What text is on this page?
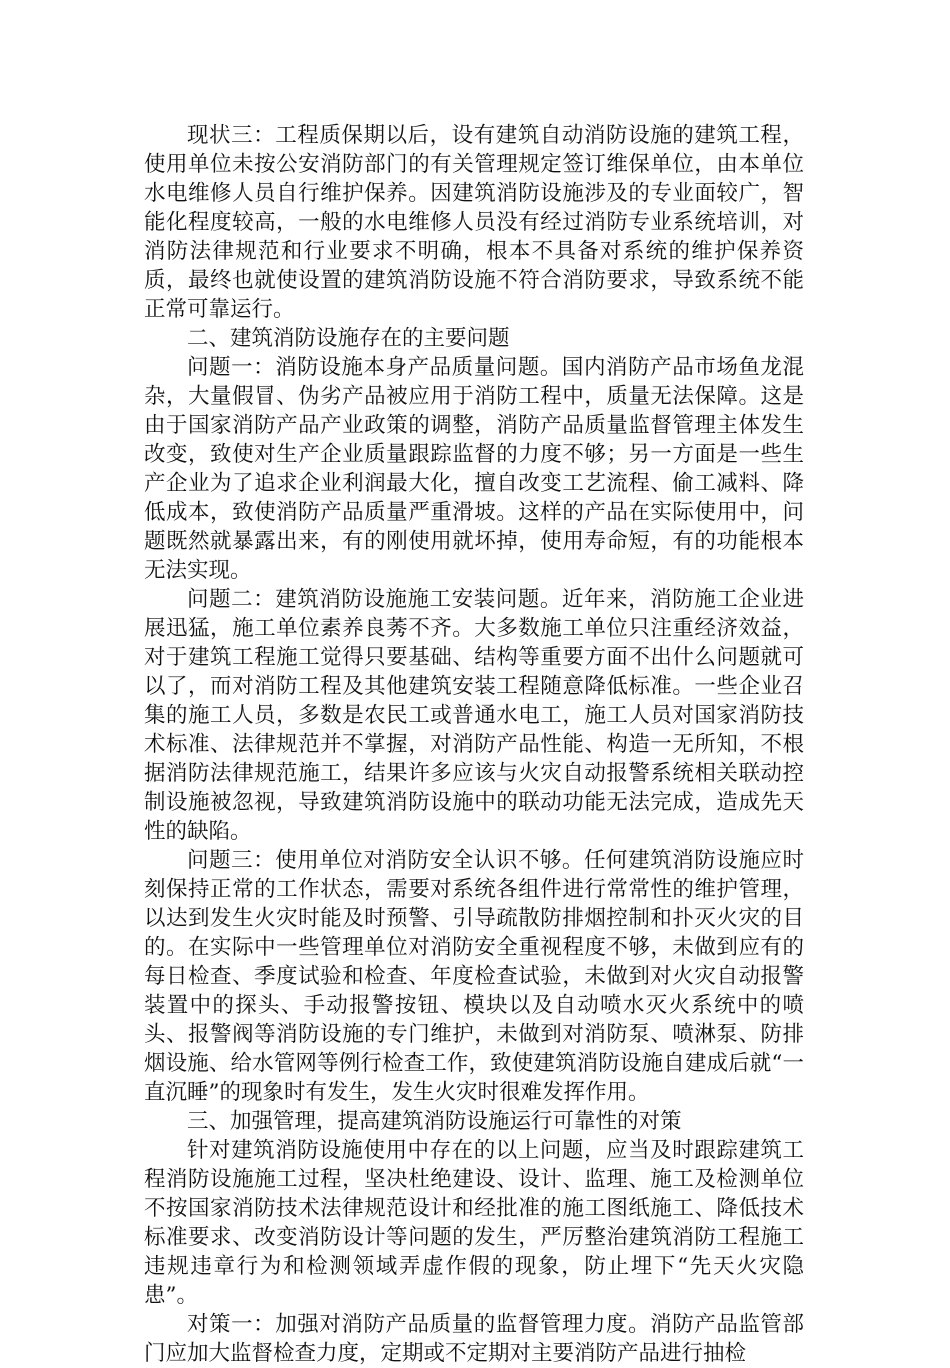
现状三：工程质保期以后，设有建筑自动消防设施的建筑工程，使用单位未按公安消防部门的有关管理规定签订维保单位，由本单位水电维修人员自行维护保养。因建筑消防设施涉及的专业面较广，智能化程度较高，一般的水电维修人员没有经过消防专业系统培训，对消防法律规范和行业要求不明确，根本不具备对系统的维护保养资质，最终也就使设置的建筑消防设施不符合消防要求，导致系统不能正常可靠运行。

二、建筑消防设施存在的主要问题

问题一：消防设施本身产品质量问题。国内消防产品市场鱼龙混杂，大量假冒、伪劣产品被应用于消防工程中，质量无法保障。这是由于国家消防产品产业政策的调整，消防产品质量监督管理主体发生改变，致使对生产企业质量跟踪监督的力度不够；另一方面是一些生产企业为了追求企业利润最大化，擅自改变工艺流程、偷工减料、降低成本，致使消防产品质量严重滑坡。这样的产品在实际使用中，问题既然就暴露出来，有的刚使用就坏掉，使用寿命短，有的功能根本无法实现。

问题二：建筑消防设施施工安装问题。近年来，消防施工企业进展迅猛，施工单位素养良莠不齐。大多数施工单位只注重经济效益，对于建筑工程施工觉得只要基础、结构等重要方面不出什么问题就可以了，而对消防工程及其他建筑安装工程随意降低标准。一些企业召集的施工人员，多数是农民工或普通水电工，施工人员对国家消防技术标准、法律规范并不掌握，对消防产品性能、构造一无所知，不根据消防法律规范施工，结果许多应该与火灾自动报警系统相关联动控制设施被忽视，导致建筑消防设施中的联动功能无法完成，造成先天性的缺陷。

问题三：使用单位对消防安全认识不够。任何建筑消防设施应时刻保持正常的工作状态，需要对系统各组件进行常常性的维护管理，以达到发生火灾时能及时预警、引导疏散防排烟控制和扑灭火灾的目的。在实际中一些管理单位对消防安全重视程度不够，未做到应有的每日检查、季度试验和检查、年度检查试验，未做到对火灾自动报警装置中的探头、手动报警按钮、模块以及自动喷水灭火系统中的喷头、报警阀等消防设施的专门维护，未做到对消防泵、喷淋泵、防排烟设施、给水管网等例行检查工作，致使建筑消防设施自建成后就“一直沉睡”的现象时有发生，发生火灾时很难发挥作用。

三、加强管理，提高建筑消防设施运行可靠性的对策

针对建筑消防设施使用中存在的以上问题，应当及时跟踪建筑工程消防设施施工过程，坚决杜绝建设、设计、监理、施工及检测单位不按国家消防技术法律规范设计和经批准的施工图纸施工、降低技术标准要求、改变消防设计等问题的发生，严厉整治建筑消防工程施工违规违章行为和检测领域弄虚作假的现象，防止埋下“先天火灾隐患”。

对策一：加强对消防产品质量的监督管理力度。消防产品监管部门应加大监督检查力度，定期或不定期对主要消防产品进行抽检
